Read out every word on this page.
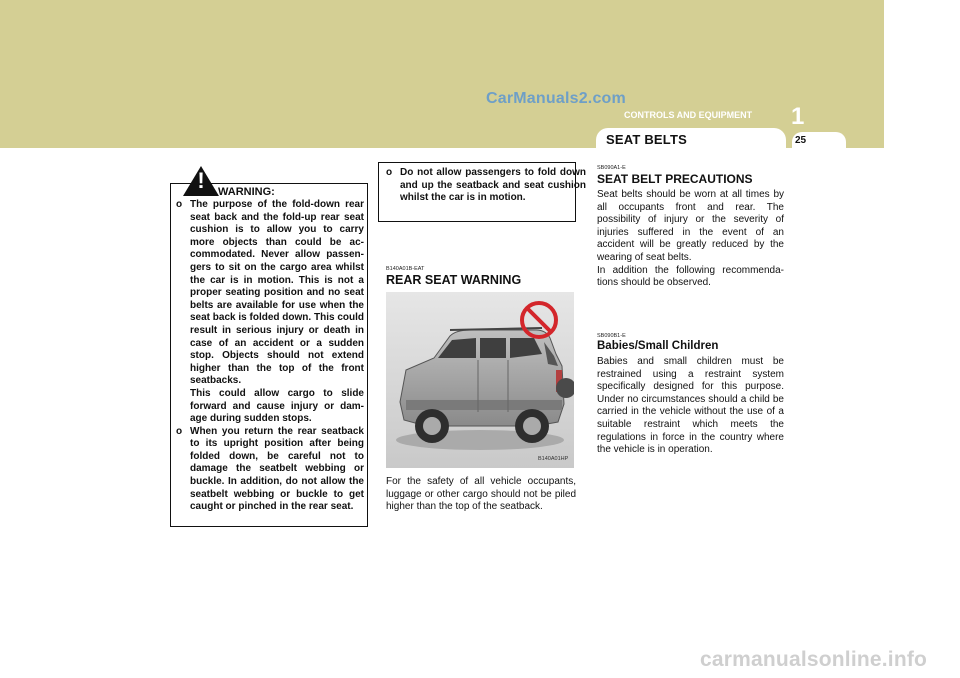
CarManuals2.com
CONTROLS AND EQUIPMENT 1
SEAT BELTS	25
! WARNING:
o The purpose of the fold-down rear seat back and the fold-up rear seat cushion is to allow you to carry more objects than could be ac-commodated. Never allow passen-gers to sit on the cargo area whilst the car is in motion. This is not a proper seating position and no seat belts are available for use when the seat back is folded down. This could result in serious injury or death in case of an accident or a sudden stop. Objects should not extend higher than the top of the front seatbacks.

This could allow cargo to slide forward and cause injury or dam-age during sudden stops.

o When you return the rear seatback to its upright position after being folded down, be careful not to damage the seatbelt webbing or buckle. In addition, do not allow the seatbelt webbing or buckle to get caught or pinched in the rear seat.

o Do not allow passengers to fold down and up the seatback and seat cushion whilst the car is in motion.

B140A01B-EAT
REAR SEAT WARNING
B140A01HP
For the safety of all vehicle occupants, luggage or other cargo should not be piled higher than the top of the seatback.
SB090A1-E
SEAT BELT PRECAUTIONS
Seat belts should be worn at all times by all occupants front and rear. The possibility of injury or the severity of injuries suffered in the event of an accident will be greatly reduced by the wearing of seat belts.
In addition the following recommenda-tions should be observed.
SB090B1-E
Babies/Small Children
Babies and small children must be restrained using a restraint system specifically designed for this purpose. Under no circumstances should a child be carried in the vehicle without the use of a suitable restraint which meets the regulations in force in the country where the vehicle is in operation.
carmanualsonline.info
